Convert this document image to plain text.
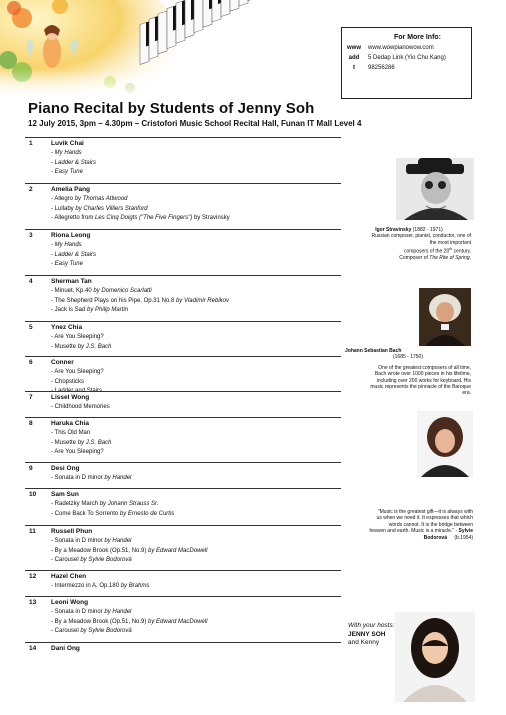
For More Info:
www	www.wowpianowow.com
add	5 Dedap Link (Yio Chu Kang)
t	98256286
Piano Recital by Students of Jenny Soh
12 July 2015, 3pm – 4.30pm – Cristofori Music School Recital Hall, Funan IT Mall Level 4
1	Luvik Chai
- My Hands
- Ladder & Stairs
- Easy Tune
2	Amelia Pang
- Allegro by Thomas Attwood
- Lullaby by Charles Villiers Stanford
- Allegretto from Les Cinq Doigts ("The Five Fingers") by Stravinsky
3	Riona Leong
- My Hands
- Ladder & Stairs
- Easy Tune
4	Sherman Tan
- Minuet, Kp.40 by Domenico Scarlatti
- The Shepherd Plays on his Pipe, Op.31 No.8 by Vladimir Rebikov
- Jack is Sad by Philip Martin
5	Ynez Chia
- Are You Sleeping?
- Musette by J.S. Bach
6	Conner
- Are You Sleeping?
- Chopsticks
- Ladder and Stairs
7	Lissel Wong
- Childhood Memories
8	Haruka Chia
- This Old Man
- Musette by J.S. Bach
- Are You Sleeping?
9	Desi Ong
- Sonata in D minor by Handel
10 Sam Sun
- Radetzky March by Johann Strauss Sr.
- Come Back To Sorrento by Ernesto de Curtis
11 Russell Phun
- Sonata in D minor by Handel
- By a Meadow Brook (Op.51, No.9) by Edward MacDowell
- Carousel by Sylvie Bodorová
12 Hazel Chen
- Intermezzo in A, Op.180 by Brahms
13 Leoni Wong
- Sonata in D minor by Handel
- By a Meadow Brook (Op.51, No.9) by Edward MacDowell
- Carousel by Sylvie Bodorová
14 Dani Ong
Igor Stravinsky (1882 - 1971)
Russian composer, pianist, conductor, one of
the most important
composers of the 20th century.
Composer of The Rite of Spring.
Johann Sebastian Bach
(1685 - 1750)
One of the greatest composers of all time,
Bach wrote over 1000 pieces in his lifetime,
including over 200 works for keyboard. His
music represents the pinnacle of the Baroque
era.
"Music is the greatest gift—it is always with
us when we need it. It expresses that which
words cannot. It is the bridge between
heaven and earth. Music is a miracle." - Sylvie
Bodorová (b.1954)
With your hosts:
JENNY SOH
and Kenny
